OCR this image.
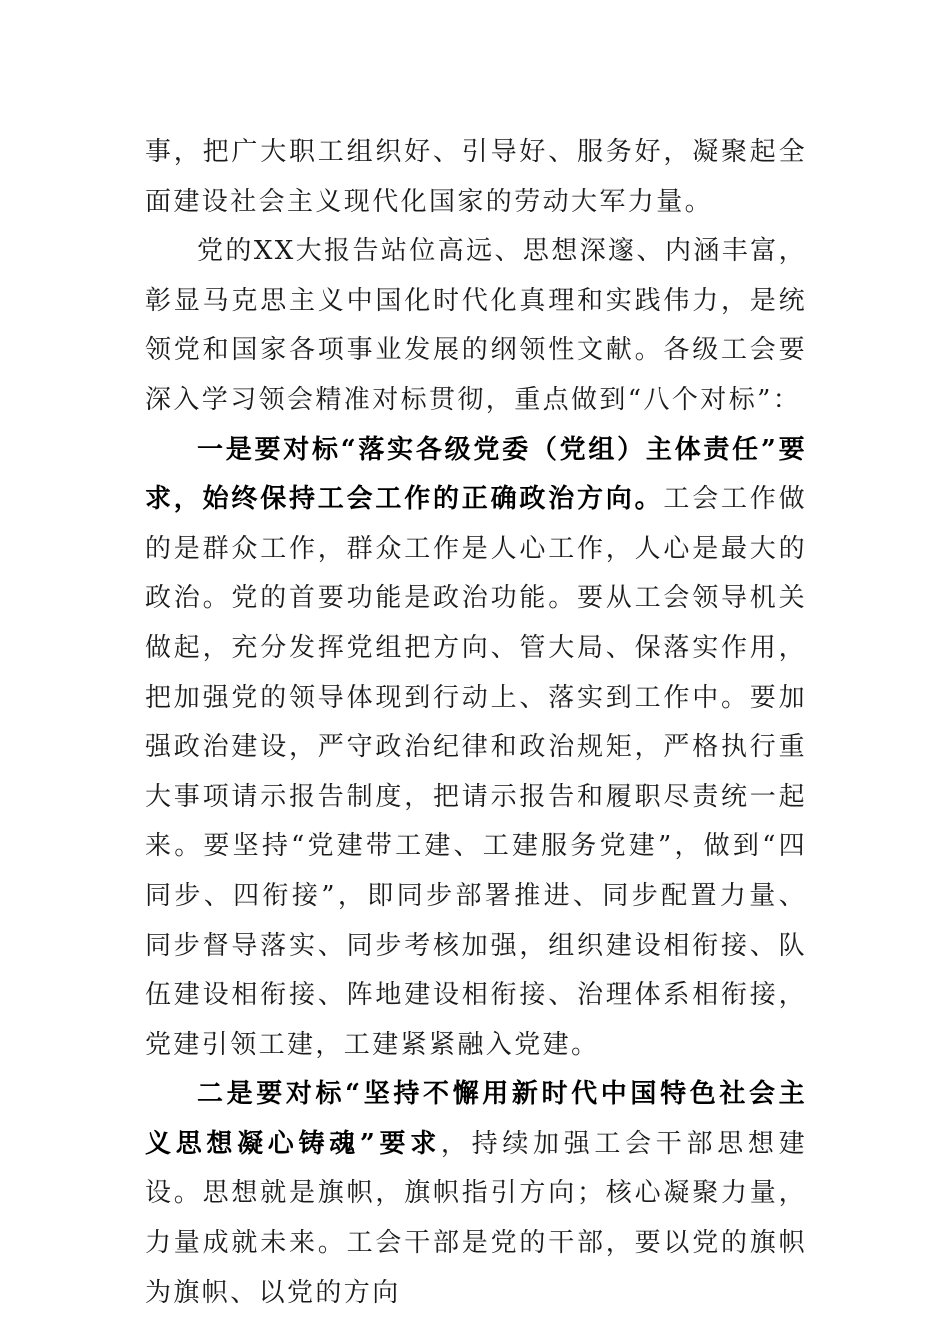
事，把广大职工组织好、引导好、服务好，凝聚起全面建设社会主义现代化国家的劳动大军力量。

党的XX大报告站位高远、思想深邃、内涵丰富，彰显马克思主义中国化时代化真理和实践伟力，是统领党和国家各项事业发展的纲领性文献。各级工会要深入学习领会精准对标贯彻，重点做到“八个对标”：

一是要对标“落实各级党委（党组）主体责任”要求，始终保持工会工作的正确政治方向。工会工作做的是群众工作，群众工作是人心工作，人心是最大的政治。党的首要功能是政治功能。要从工会领导机关做起，充分发挥党组把方向、管大局、保落实作用，把加强党的领导体现到行动上、落实到工作中。要加强政治建设，严守政治纪律和政治规矩，严格执行重大事项请示报告制度，把请示报告和履职尽责统一起来。要坚持“党建带工建、工建服务党建”，做到“四同步、四衔接”，即同步部署推进、同步配置力量、同步督导落实、同步考核加强，组织建设相衔接、队伍建设相衔接、阵地建设相衔接、治理体系相衔接，党建引领工建，工建紧紧融入党建。

二是要对标“坚持不懈用新时代中国特色社会主义思想凝心铸魂”要求，持续加强工会干部思想建设。思想就是旗帜，旗帜指引方向；核心凝聚力量，力量成就未来。工会干部是党的干部，要以党的旗帜为旗帜、以党的方向
